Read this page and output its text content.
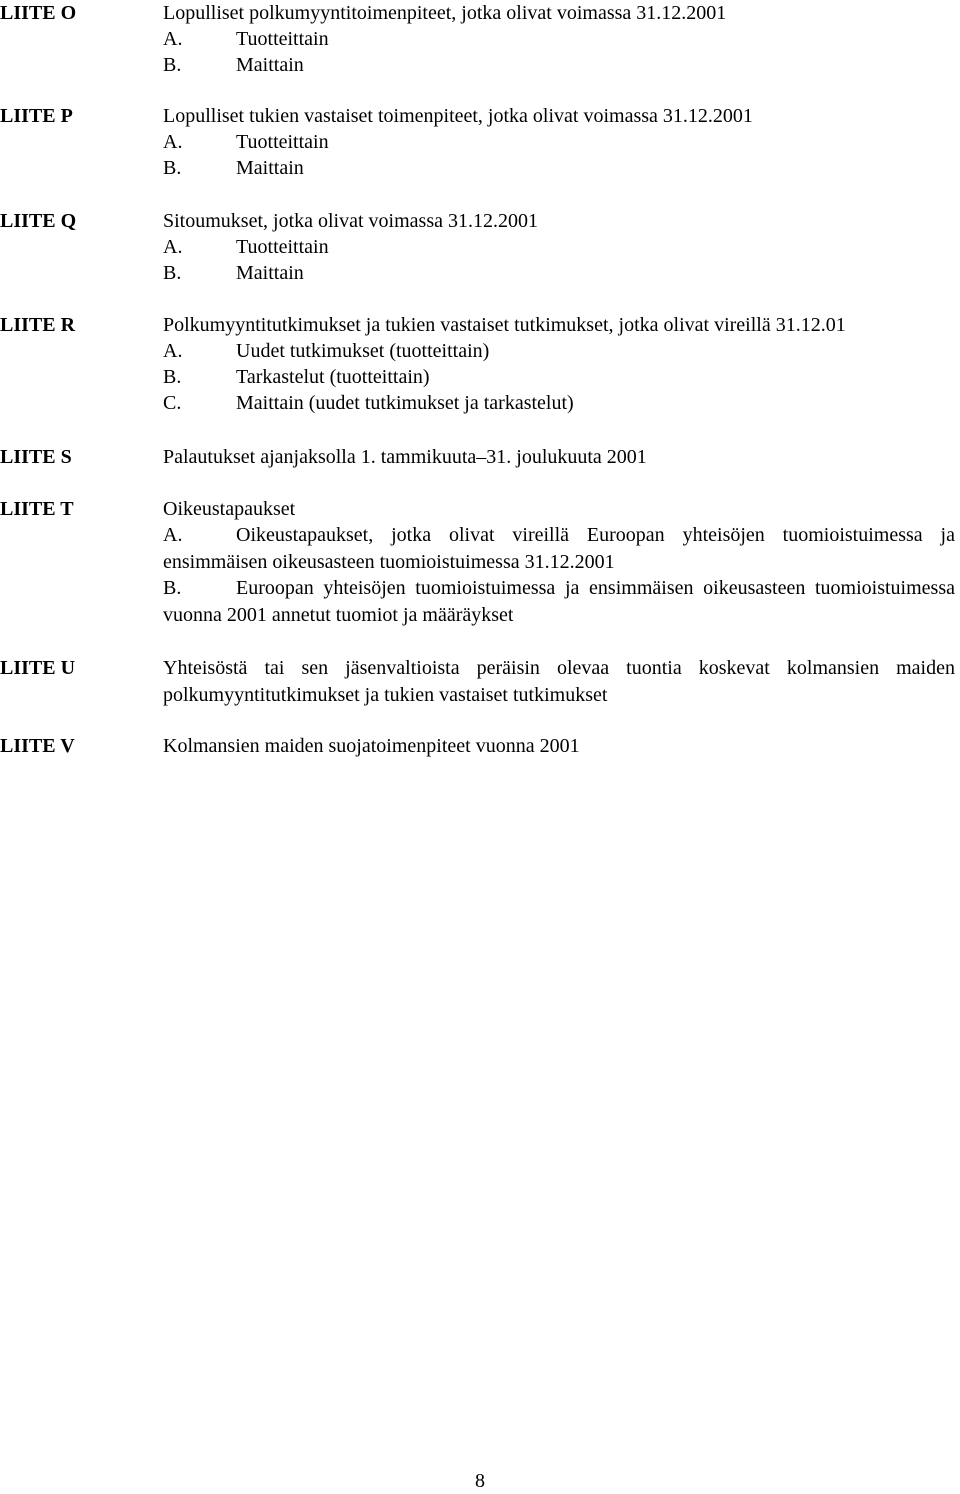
LIITE O	Lopulliset polkumyyntitoimenpiteet, jotka olivat voimassa 31.12.2001
A.	Tuotteittain
B.	Maittain
LIITE P	Lopulliset tukien vastaiset toimenpiteet, jotka olivat voimassa 31.12.2001
A.	Tuotteittain
B.	Maittain
LIITE Q	Sitoumukset, jotka olivat voimassa 31.12.2001
A.	Tuotteittain
B.	Maittain
LIITE R	Polkumyyntitutkimukset ja tukien vastaiset tutkimukset, jotka olivat vireillä 31.12.01
A.	Uudet tutkimukset (tuotteittain)
B.	Tarkastelut (tuotteittain)
C.	Maittain (uudet tutkimukset ja tarkastelut)
LIITE S	Palautukset ajanjaksolla 1. tammikuuta–31. joulukuuta 2001
LIITE T	Oikeustapaukset
A.	Oikeustapaukset, jotka olivat vireillä Euroopan yhteisöjen tuomioistuimessa ja ensimmäisen oikeusasteen tuomioistuimessa 31.12.2001
B.	Euroopan yhteisöjen tuomioistuimessa ja ensimmäisen oikeusasteen tuomioistuimessa vuonna 2001 annetut tuomiot ja määräykset
LIITE U	Yhteisöstä tai sen jäsenvaltioista peräisin olevaa tuontia koskevat kolmansien maiden polkumyyntitutkimukset ja tukien vastaiset tutkimukset
LIITE V	Kolmansien maiden suojatoimenpiteet vuonna 2001
8
